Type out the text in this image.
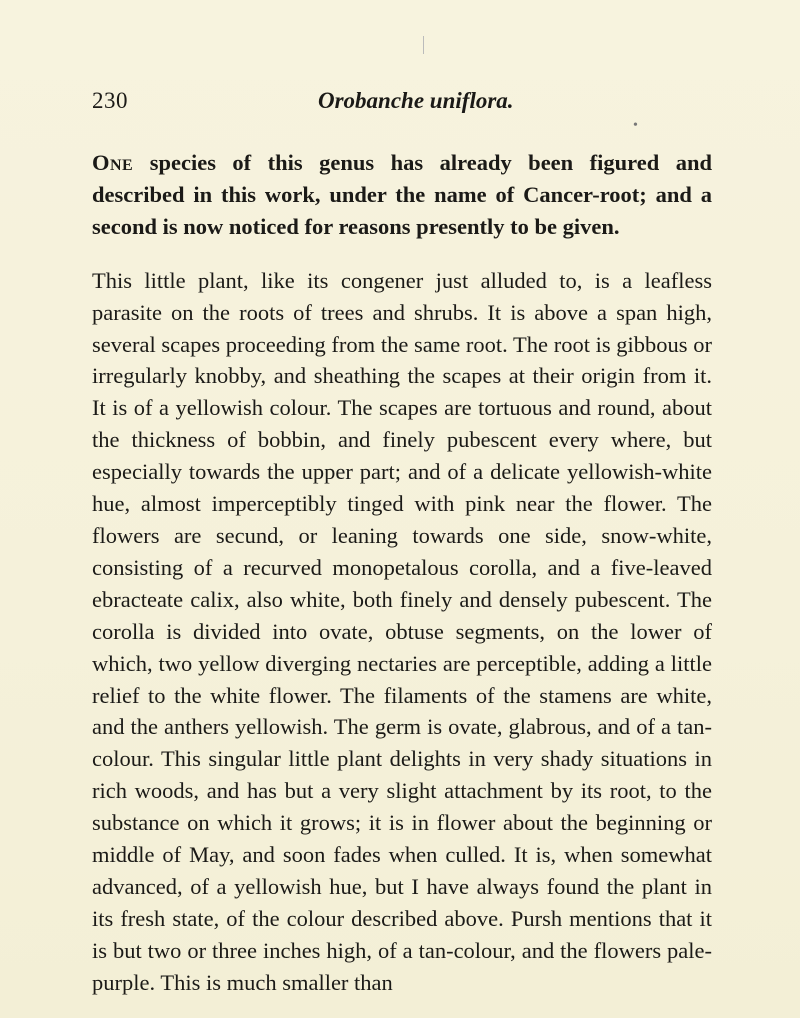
230	Orobanche uniflora.
•

One species of this genus has already been figured and described in this work, under the name of Cancer-root; and a second is now noticed for reasons presently to be given.

This little plant, like its congener just alluded to, is a leafless parasite on the roots of trees and shrubs. It is above a span high, several scapes proceeding from the same root. The root is gibbous or irregularly knobby, and sheathing the scapes at their origin from it. It is of a yellowish colour. The scapes are tortuous and round, about the thickness of bobbin, and finely pubescent every where, but especially towards the upper part; and of a delicate yellowish-white hue, almost imperceptibly tinged with pink near the flower. The flowers are secund, or leaning towards one side, snow-white, consisting of a recurved monopetalous corolla, and a five-leaved ebracteate calix, also white, both finely and densely pubescent. The corolla is divided into ovate, obtuse segments, on the lower of which, two yellow diverging nectaries are perceptible, adding a little relief to the white flower. The filaments of the stamens are white, and the anthers yellowish. The germ is ovate, glabrous, and of a tan-colour. This singular little plant delights in very shady situations in rich woods, and has but a very slight attachment by its root, to the substance on which it grows; it is in flower about the beginning or middle of May, and soon fades when culled. It is, when somewhat advanced, of a yellowish hue, but I have always found the plant in its fresh state, of the colour described above. Pursh mentions that it is but two or three inches high, of a tan-colour, and the flowers pale-purple. This is much smaller than
